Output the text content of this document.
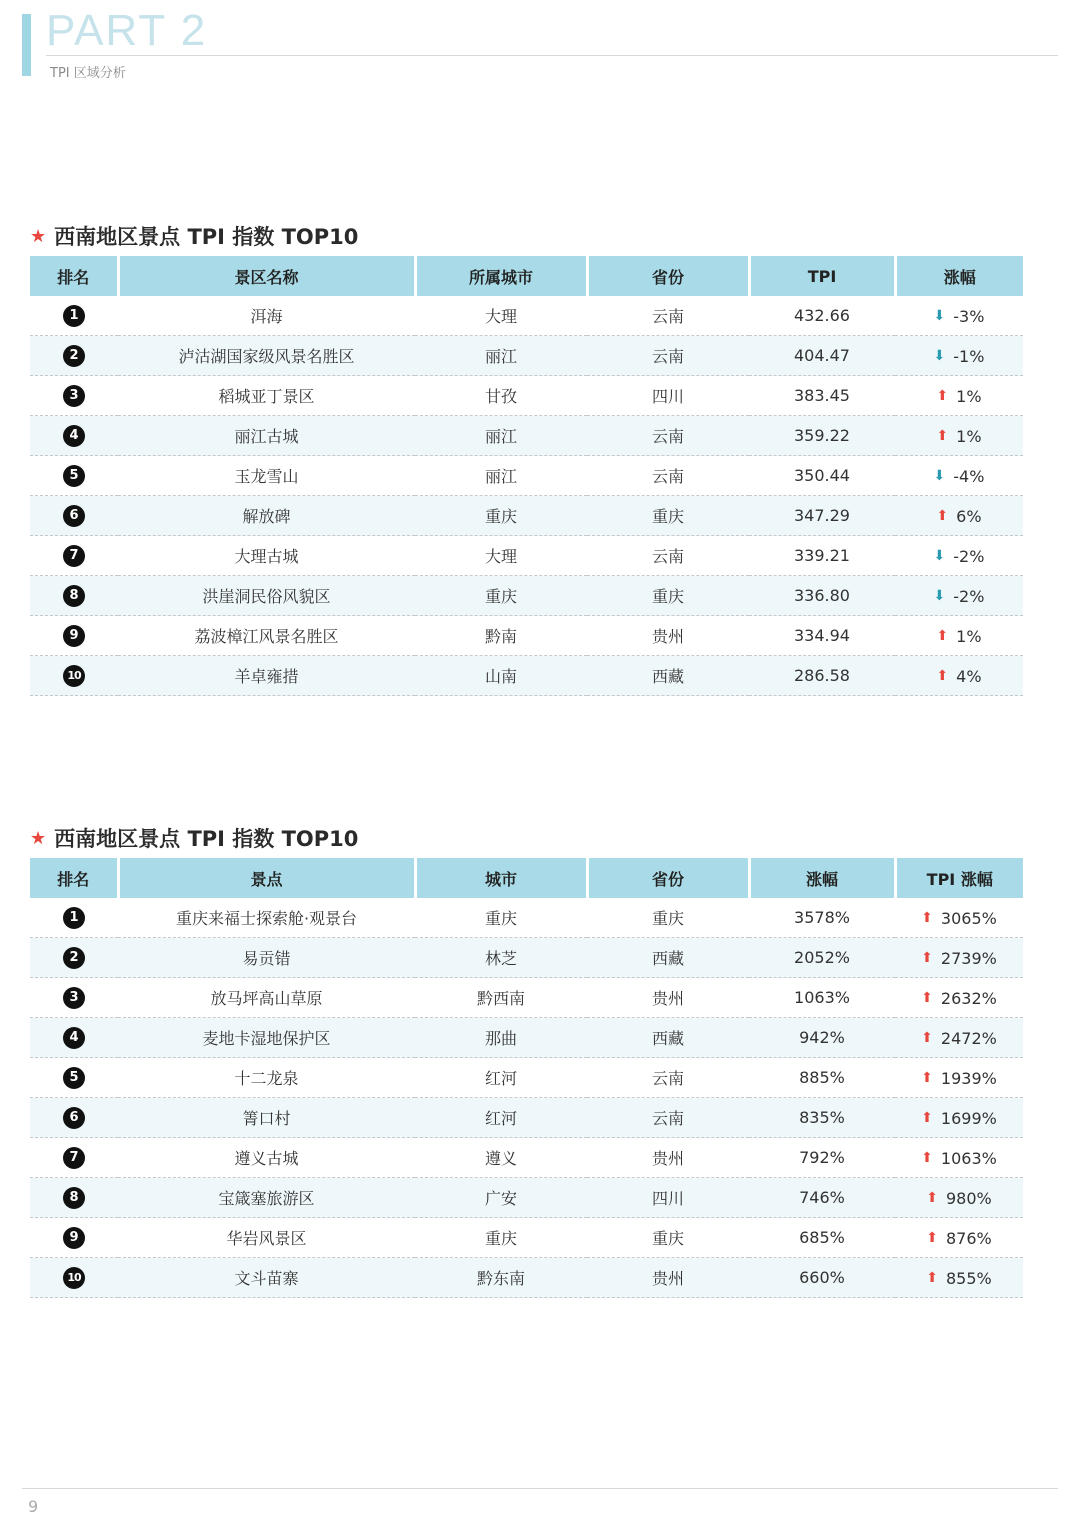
PART 2
TPI 区域分析
★ 西南地区景点 TPI 指数 TOP10
排名	景区名称	所属城市	省份	TPI	涨幅
1	洱海	大理	云南	432.66	⬇ -3%

2	泸沽湖国家级风景名胜区	丽江	云南	404.47	⬇ -1%

3	稻城亚丁景区	甘孜	四川	383.45	⬆ 1%

4	丽江古城	丽江	云南	359.22	⬆ 1%

5	玉龙雪山	丽江	云南	350.44	⬇ -4%

6	解放碑	重庆	重庆	347.29	⬆ 6%

7	大理古城	大理	云南	339.21	⬇ -2%

8	洪崖洞民俗风貌区	重庆	重庆	336.80	⬇ -2%

9	荔波樟江风景名胜区	黔南	贵州	334.94	⬆ 1%

10	羊卓雍措	山南	西藏	286.58	⬆ 4%
★ 西南地区景点 TPI 指数 TOP10
排名	景点	城市	省份	涨幅	TPI 涨幅
1	重庆来福士探索舱·观景台	重庆	重庆	3578%	⬆ 3065%

2	易贡错	林芝	西藏	2052%	⬆ 2739%

3	放马坪高山草原	黔西南	贵州	1063%	⬆ 2632%

4	麦地卡湿地保护区	那曲	西藏	942%	⬆ 2472%

5	十二龙泉	红河	云南	885%	⬆ 1939%

6	箐口村	红河	云南	835%	⬆ 1699%

7	遵义古城	遵义	贵州	792%	⬆ 1063%

8	宝箴塞旅游区	广安	四川	746%	⬆ 980%

9	华岩风景区	重庆	重庆	685%	⬆ 876%

10	文斗苗寨	黔东南	贵州	660%	⬆ 855%
9
